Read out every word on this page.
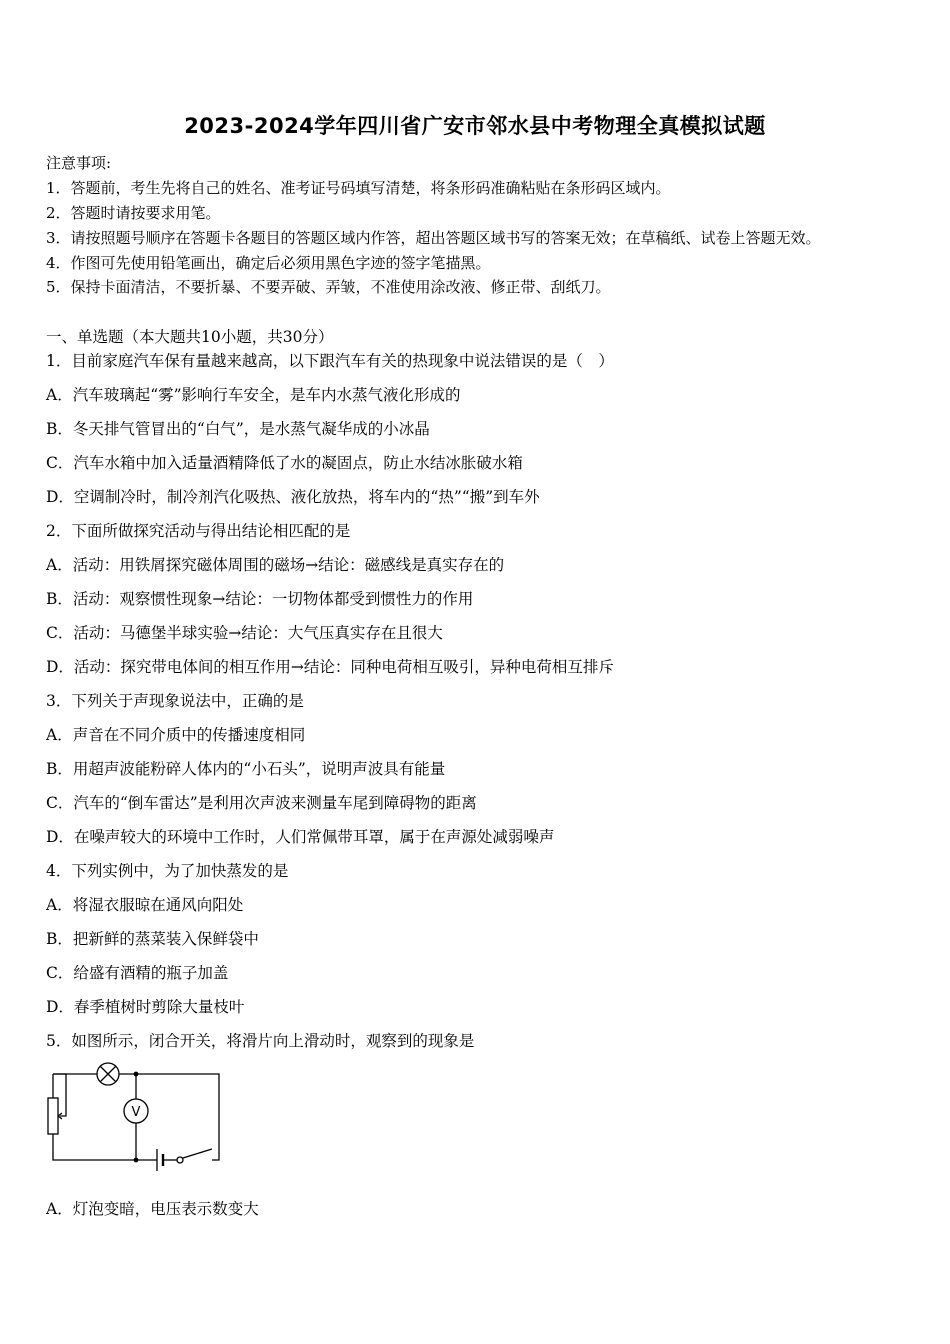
2023-2024学年四川省广安市邻水县中考物理全真模拟试题
注意事项:
1．答题前，考生先将自己的姓名、准考证号码填写清楚，将条形码准确粘贴在条形码区域内。
2．答题时请按要求用笔。
3．请按照题号顺序在答题卡各题目的答题区域内作答，超出答题区域书写的答案无效；在草稿纸、试卷上答题无效。
4．作图可先使用铅笔画出，确定后必须用黑色字迹的签字笔描黑。
5．保持卡面清洁，不要折暴、不要弄破、弄皱，不准使用涂改液、修正带、刮纸刀。
一、单选题（本大题共10小题，共30分）
1．目前家庭汽车保有量越来越高，以下跟汽车有关的热现象中说法错误的是（　）
A．汽车玻璃起“雾”影响行车安全，是车内水蒸气液化形成的
B．冬天排气管冒出的“白气”，是水蒸气凝华成的小冰晶
C．汽车水箱中加入适量酒精降低了水的凝固点，防止水结冰胀破水箱
D．空调制冷时，制冷剂汽化吸热、液化放热，将车内的“热”“搬”到车外
2．下面所做探究活动与得出结论相匹配的是
A．活动：用铁屑探究磁体周围的磁场→结论：磁感线是真实存在的
B．活动：观察惯性现象→结论：一切物体都受到惯性力的作用
C．活动：马德堡半球实验→结论：大气压真实存在且很大
D．活动：探究带电体间的相互作用→结论：同种电荷相互吸引，异种电荷相互排斥
3．下列关于声现象说法中，正确的是
A．声音在不同介质中的传播速度相同
B．用超声波能粉碎人体内的“小石头”，说明声波具有能量
C．汽车的“倒车雷达”是利用次声波来测量车尾到障碍物的距离
D．在噪声较大的环境中工作时，人们常佩带耳罩，属于在声源处减弱噪声
4．下列实例中，为了加快蒸发的是
A．将湿衣服晾在通风向阳处
B．把新鲜的蒸菜装入保鲜袋中
C．给盛有酒精的瓶子加盖
D．春季植树时剪除大量枝叶
5．如图所示，闭合开关，将滑片向上滑动时，观察到的现象是
V
A．灯泡变暗，电压表示数变大
